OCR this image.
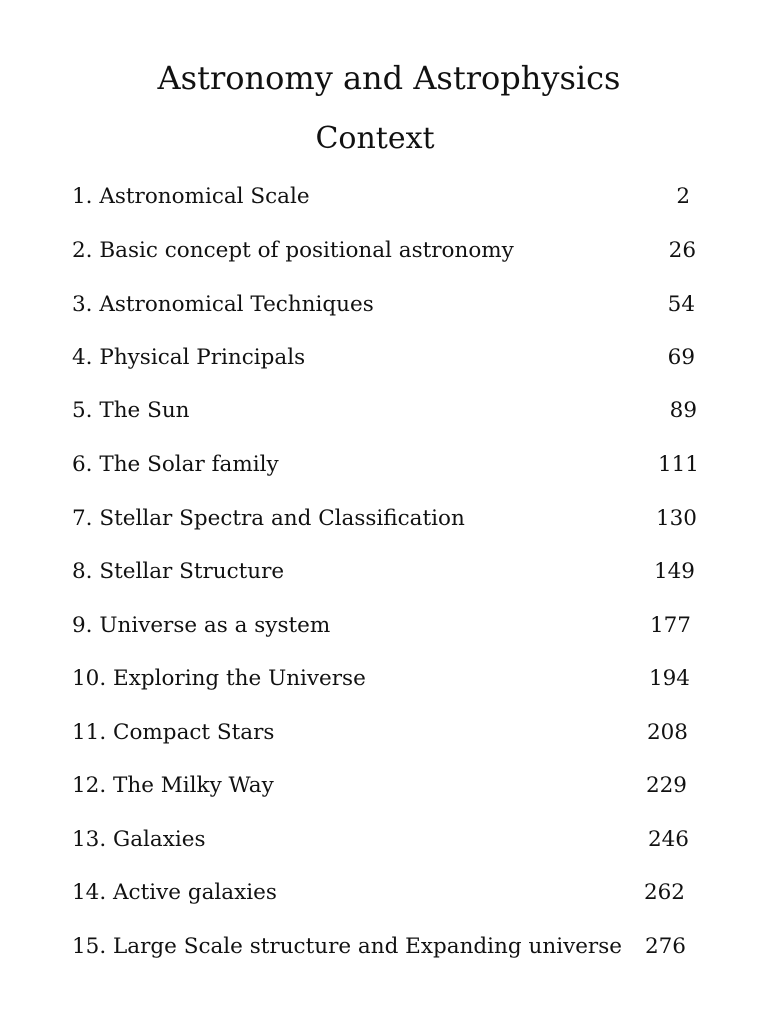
Astronomy and Astrophysics
Context
1. Astronomical Scale	2
2. Basic concept of positional astronomy	26
3. Astronomical Techniques	54
4. Physical Principals	69
5. The Sun	89
6. The Solar family	111
7. Stellar Spectra and Classification	130
8. Stellar Structure	149
9. Universe as a system	177
10. Exploring the Universe	194
11. Compact Stars	208
12. The Milky Way	229
13. Galaxies	246
14. Active galaxies	262
15. Large Scale structure and Expanding universe 276
